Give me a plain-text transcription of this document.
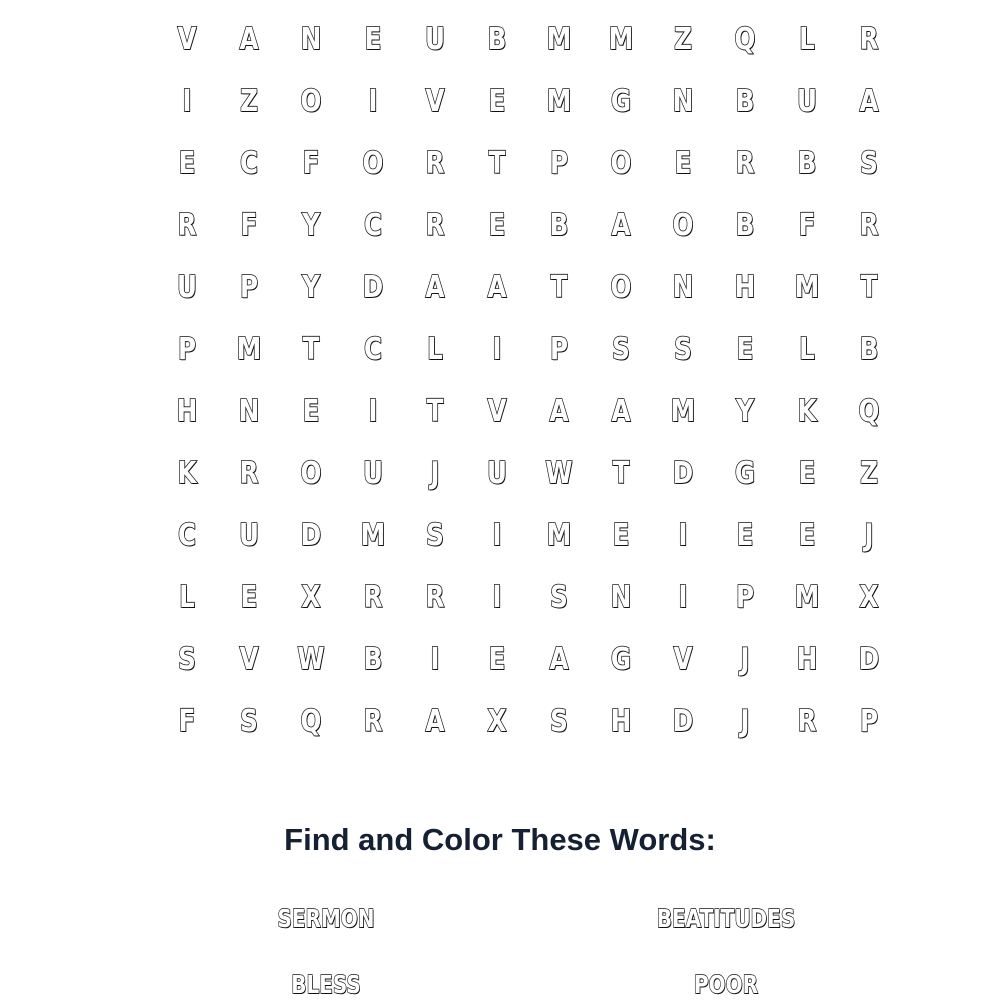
V	A	N	E	U	B	M	M	Z	Q	L	R
I	Z	O	I	V	E	M	G	N	B	U	A
E	C	F	O	R	T	P	O	E	R	B	S
R	F	Y	C	R	E	B	A	O	B	F	R
U	P	Y	D	A	A	T	O	N	H	M	T
P	M	T	C	L	I	P	S	S	E	L	B
H	N	E	I	T	V	A	A	M	Y	K	Q
K	R	O	U	J	U	W	T	D	G	E	Z
C	U	D	M	S	I	M	E	I	E	E	J
L	E	X	R	R	I	S	N	I	P	M	X
S	V	W	B	I	E	A	G	V	J	H	D
F	S	Q	R	A	X	S	H	D	J	R	P
Find and Color These Words:
SERMON	BEATITUDES
BLESS	POOR
